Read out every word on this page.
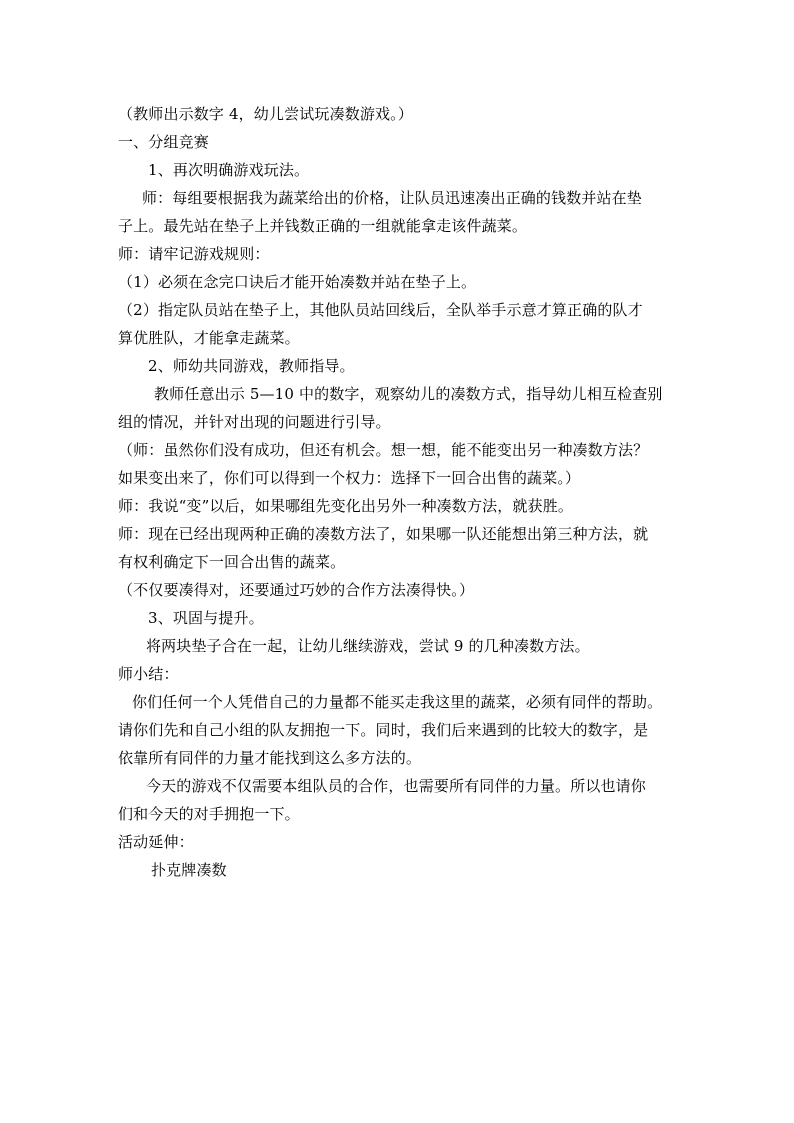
（教师出示数字 4，幼儿尝试玩凑数游戏。）
一、分组竞赛
1、再次明确游戏玩法。
师：每组要根据我为蔬菜给出的价格，让队员迅速凑出正确的钱数并站在垫
子上。最先站在垫子上并钱数正确的一组就能拿走该件蔬菜。
师：请牢记游戏规则：
（1）必须在念完口诀后才能开始凑数并站在垫子上。
（2）指定队员站在垫子上，其他队员站回线后，全队举手示意才算正确的队才
算优胜队，才能拿走蔬菜。
2、师幼共同游戏，教师指导。
教师任意出示 5—10 中的数字，观察幼儿的凑数方式，指导幼儿相互检查别
组的情况，并针对出现的问题进行引导。
（师：虽然你们没有成功，但还有机会。想一想，能不能变出另一种凑数方法？
如果变出来了，你们可以得到一个权力：选择下一回合出售的蔬菜。）
师：我说“变”以后，如果哪组先变化出另外一种凑数方法，就获胜。
师：现在已经出现两种正确的凑数方法了，如果哪一队还能想出第三种方法，就
有权利确定下一回合出售的蔬菜。
（不仅要凑得对，还要通过巧妙的合作方法凑得快。）
3、巩固与提升。
将两块垫子合在一起，让幼儿继续游戏，尝试 9 的几种凑数方法。
师小结：
你们任何一个人凭借自己的力量都不能买走我这里的蔬菜，必须有同伴的帮助。
请你们先和自己小组的队友拥抱一下。同时，我们后来遇到的比较大的数字，是
依靠所有同伴的力量才能找到这么多方法的。
今天的游戏不仅需要本组队员的合作，也需要所有同伴的力量。所以也请你
们和今天的对手拥抱一下。
活动延伸：
扑克牌凑数
